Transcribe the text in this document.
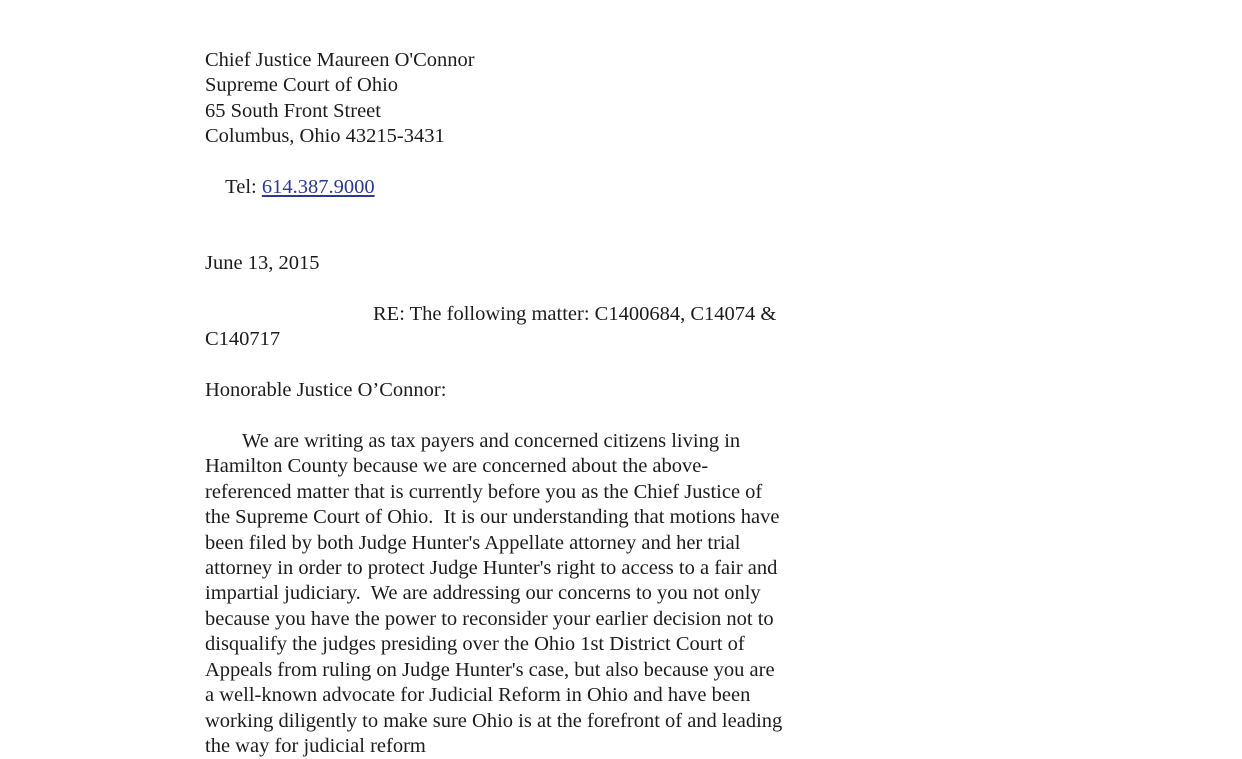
Chief Justice Maureen O'Connor
Supreme Court of Ohio
65 South Front Street
Columbus, Ohio 43215-3431

Tel: 614.387.9000

June 13, 2015
RE: The following matter: C1400684, C14074 &
C140717
Honorable Justice O’Connor:
We are writing as tax payers and concerned citizens living in
Hamilton County because we are concerned about the above-
referenced matter that is currently before you as the Chief Justice of
the Supreme Court of Ohio.  It is our understanding that motions have
been filed by both Judge Hunter's Appellate attorney and her trial
attorney in order to protect Judge Hunter's right to access to a fair and
impartial judiciary.  We are addressing our concerns to you not only
because you have the power to reconsider your earlier decision not to
disqualify the judges presiding over the Ohio 1st District Court of
Appeals from ruling on Judge Hunter's case, but also because you are
a well-known advocate for Judicial Reform in Ohio and have been
working diligently to make sure Ohio is at the forefront of and leading
the way for judicial reform
